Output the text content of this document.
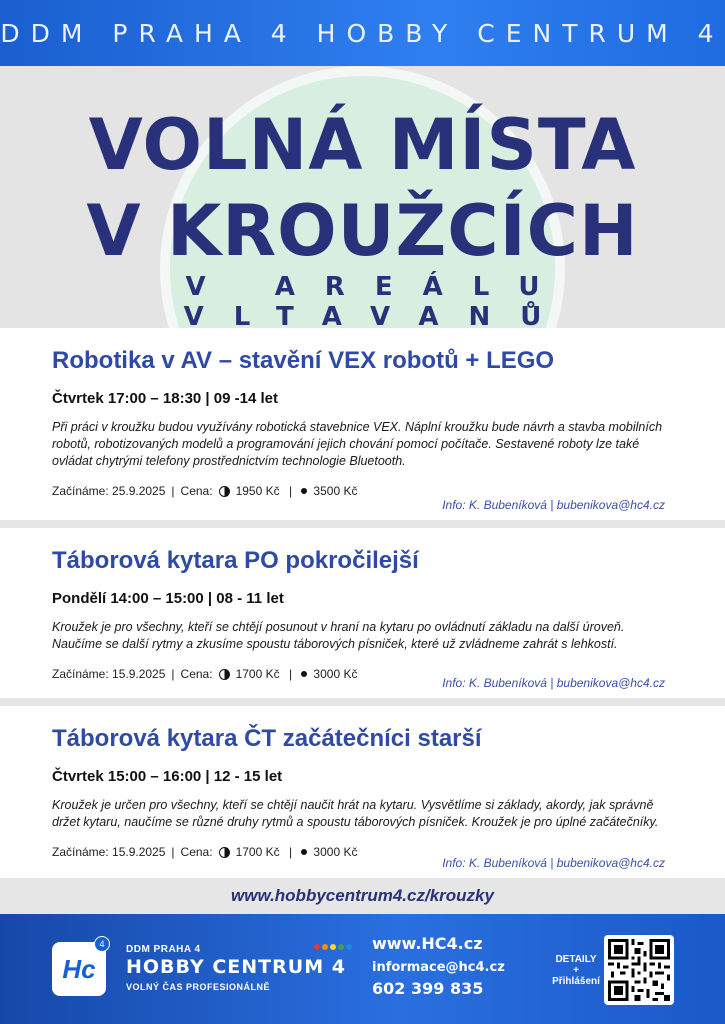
DDM PRAHA 4 HOBBY CENTRUM 4
VOLNÁ MÍSTA
V KROUŽCÍCH
V AREÁLU VLTAVANŮ
Robotika v AV – stavění VEX robotů + LEGO
Čtvrtek 17:00 – 18:30 | 09 -14 let
Při práci v kroužku budou využívány robotická stavebnice VEX. Náplní kroužku bude návrh a stavba mobilních robotů, robotizovaných modelů a programování jejich chování pomocí počítače. Sestavené roboty lze také ovládat chytrými telefony prostřednictvím technologie Bluetooth.
Začínáme: 25.9.2025 | Cena: 1950 Kč | 3500 Kč
Info: K. Bubeníková | bubenikova@hc4.cz
Táborová kytara PO pokročilejší
Pondělí 14:00 – 15:00 | 08 - 11 let
Kroužek je pro všechny, kteří se chtějí posunout v hraní na kytaru po ovládnutí základu na další úroveň. Naučíme se další rytmy a zkusíme spoustu táborových písniček, které už zvládneme zahrát s lehkostí.
Začínáme: 15.9.2025 | Cena: 1700 Kč | 3000 Kč
Info: K. Bubeníková | bubenikova@hc4.cz
Táborová kytara ČT začátečníci starší
Čtvrtek 15:00 – 16:00 | 12 - 15 let
Kroužek je určen pro všechny, kteří se chtějí naučit hrát na kytaru. Vysvětlíme si základy, akordy, jak správně držet kytaru, naučíme se různé druhy rytmů a spoustu táborových písniček. Kroužek je pro úplné začátečníky.
Začínáme: 15.9.2025 | Cena: 1700 Kč | 3000 Kč
Info: K. Bubeníková | bubenikova@hc4.cz
www.hobbycentrum4.cz/krouzky
Hc
4	DDM PRAHA 4
HOBBY CENTRUM 4
VOLNÝ ČAS PROFESIONÁLNĚ
www.HC4.cz
informace@hc4.cz
602 399 835
DETAILY
+
Přihlášení
